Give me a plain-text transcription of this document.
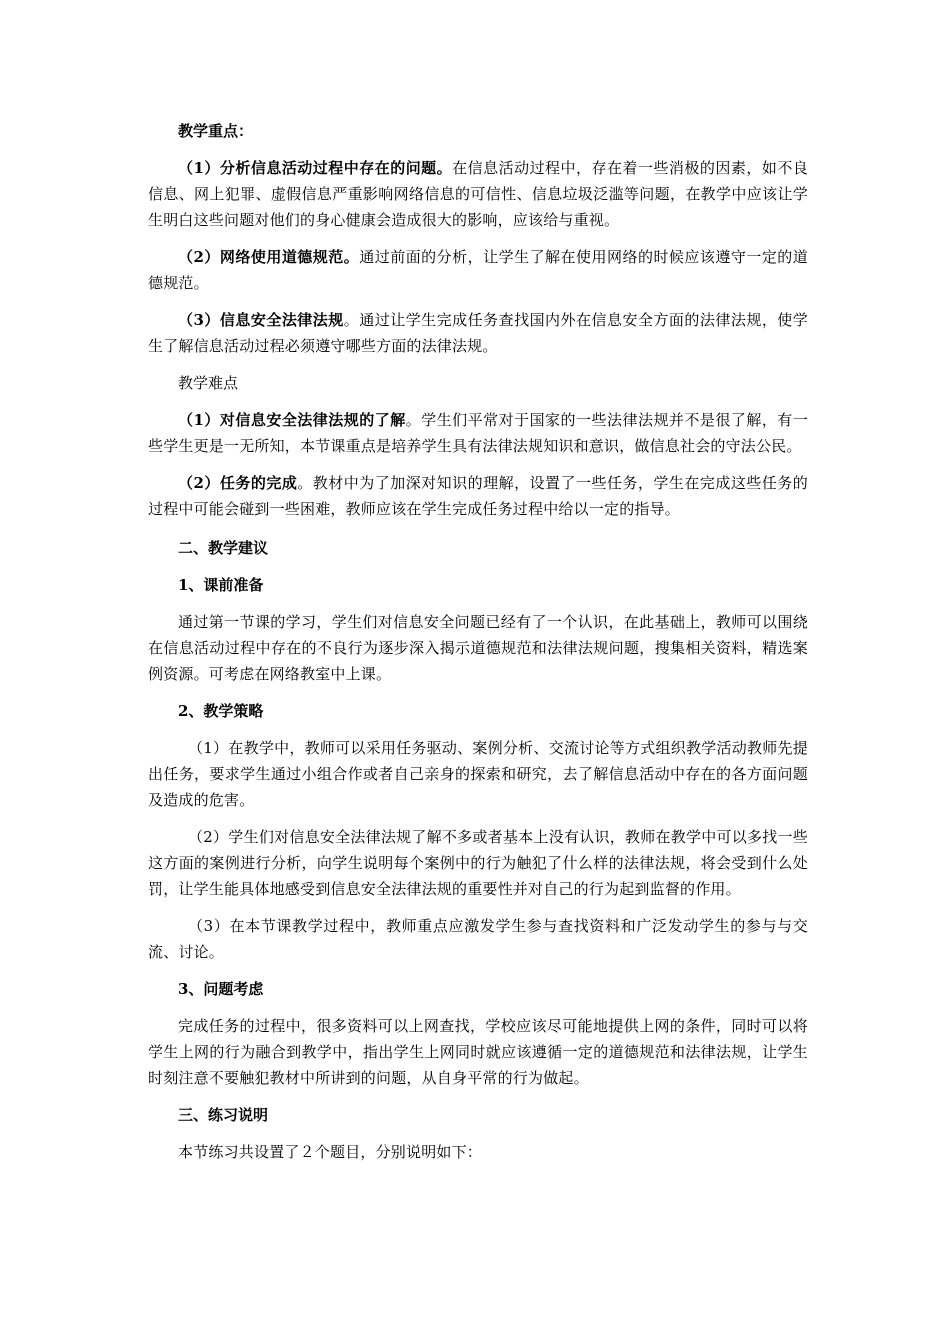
教学重点：

（1）分析信息活动过程中存在的问题。在信息活动过程中，存在着一些消极的因素，如不良信息、网上犯罪、虚假信息严重影响网络信息的可信性、信息垃圾泛滥等问题，在教学中应该让学生明白这些问题对他们的身心健康会造成很大的影响，应该给与重视。

（2）网络使用道德规范。通过前面的分析，让学生了解在使用网络的时候应该遵守一定的道德规范。

（3）信息安全法律法规。通过让学生完成任务查找国内外在信息安全方面的法律法规，使学生了解信息活动过程必须遵守哪些方面的法律法规。

教学难点

（1）对信息安全法律法规的了解。学生们平常对于国家的一些法律法规并不是很了解，有一些学生更是一无所知，本节课重点是培养学生具有法律法规知识和意识，做信息社会的守法公民。

（2）任务的完成。教材中为了加深对知识的理解，设置了一些任务，学生在完成这些任务的过程中可能会碰到一些困难，教师应该在学生完成任务过程中给以一定的指导。

二、教学建议

1、课前准备

通过第一节课的学习，学生们对信息安全问题已经有了一个认识，在此基础上，教师可以围绕在信息活动过程中存在的不良行为逐步深入揭示道德规范和法律法规问题，搜集相关资料，精选案例资源。可考虑在网络教室中上课。

2、教学策略

（1）在教学中，教师可以采用任务驱动、案例分析、交流讨论等方式组织教学活动教师先提出任务，要求学生通过小组合作或者自己亲身的探索和研究，去了解信息活动中存在的各方面问题及造成的危害。

（2）学生们对信息安全法律法规了解不多或者基本上没有认识，教师在教学中可以多找一些这方面的案例进行分析，向学生说明每个案例中的行为触犯了什么样的法律法规，将会受到什么处罚，让学生能具体地感受到信息安全法律法规的重要性并对自己的行为起到监督的作用。

（3）在本节课教学过程中，教师重点应激发学生参与查找资料和广泛发动学生的参与与交流、讨论。

3、问题考虑

完成任务的过程中，很多资料可以上网查找，学校应该尽可能地提供上网的条件，同时可以将学生上网的行为融合到教学中，指出学生上网同时就应该遵循一定的道德规范和法律法规，让学生时刻注意不要触犯教材中所讲到的问题，从自身平常的行为做起。

三、练习说明

本节练习共设置了２个题目，分别说明如下：
